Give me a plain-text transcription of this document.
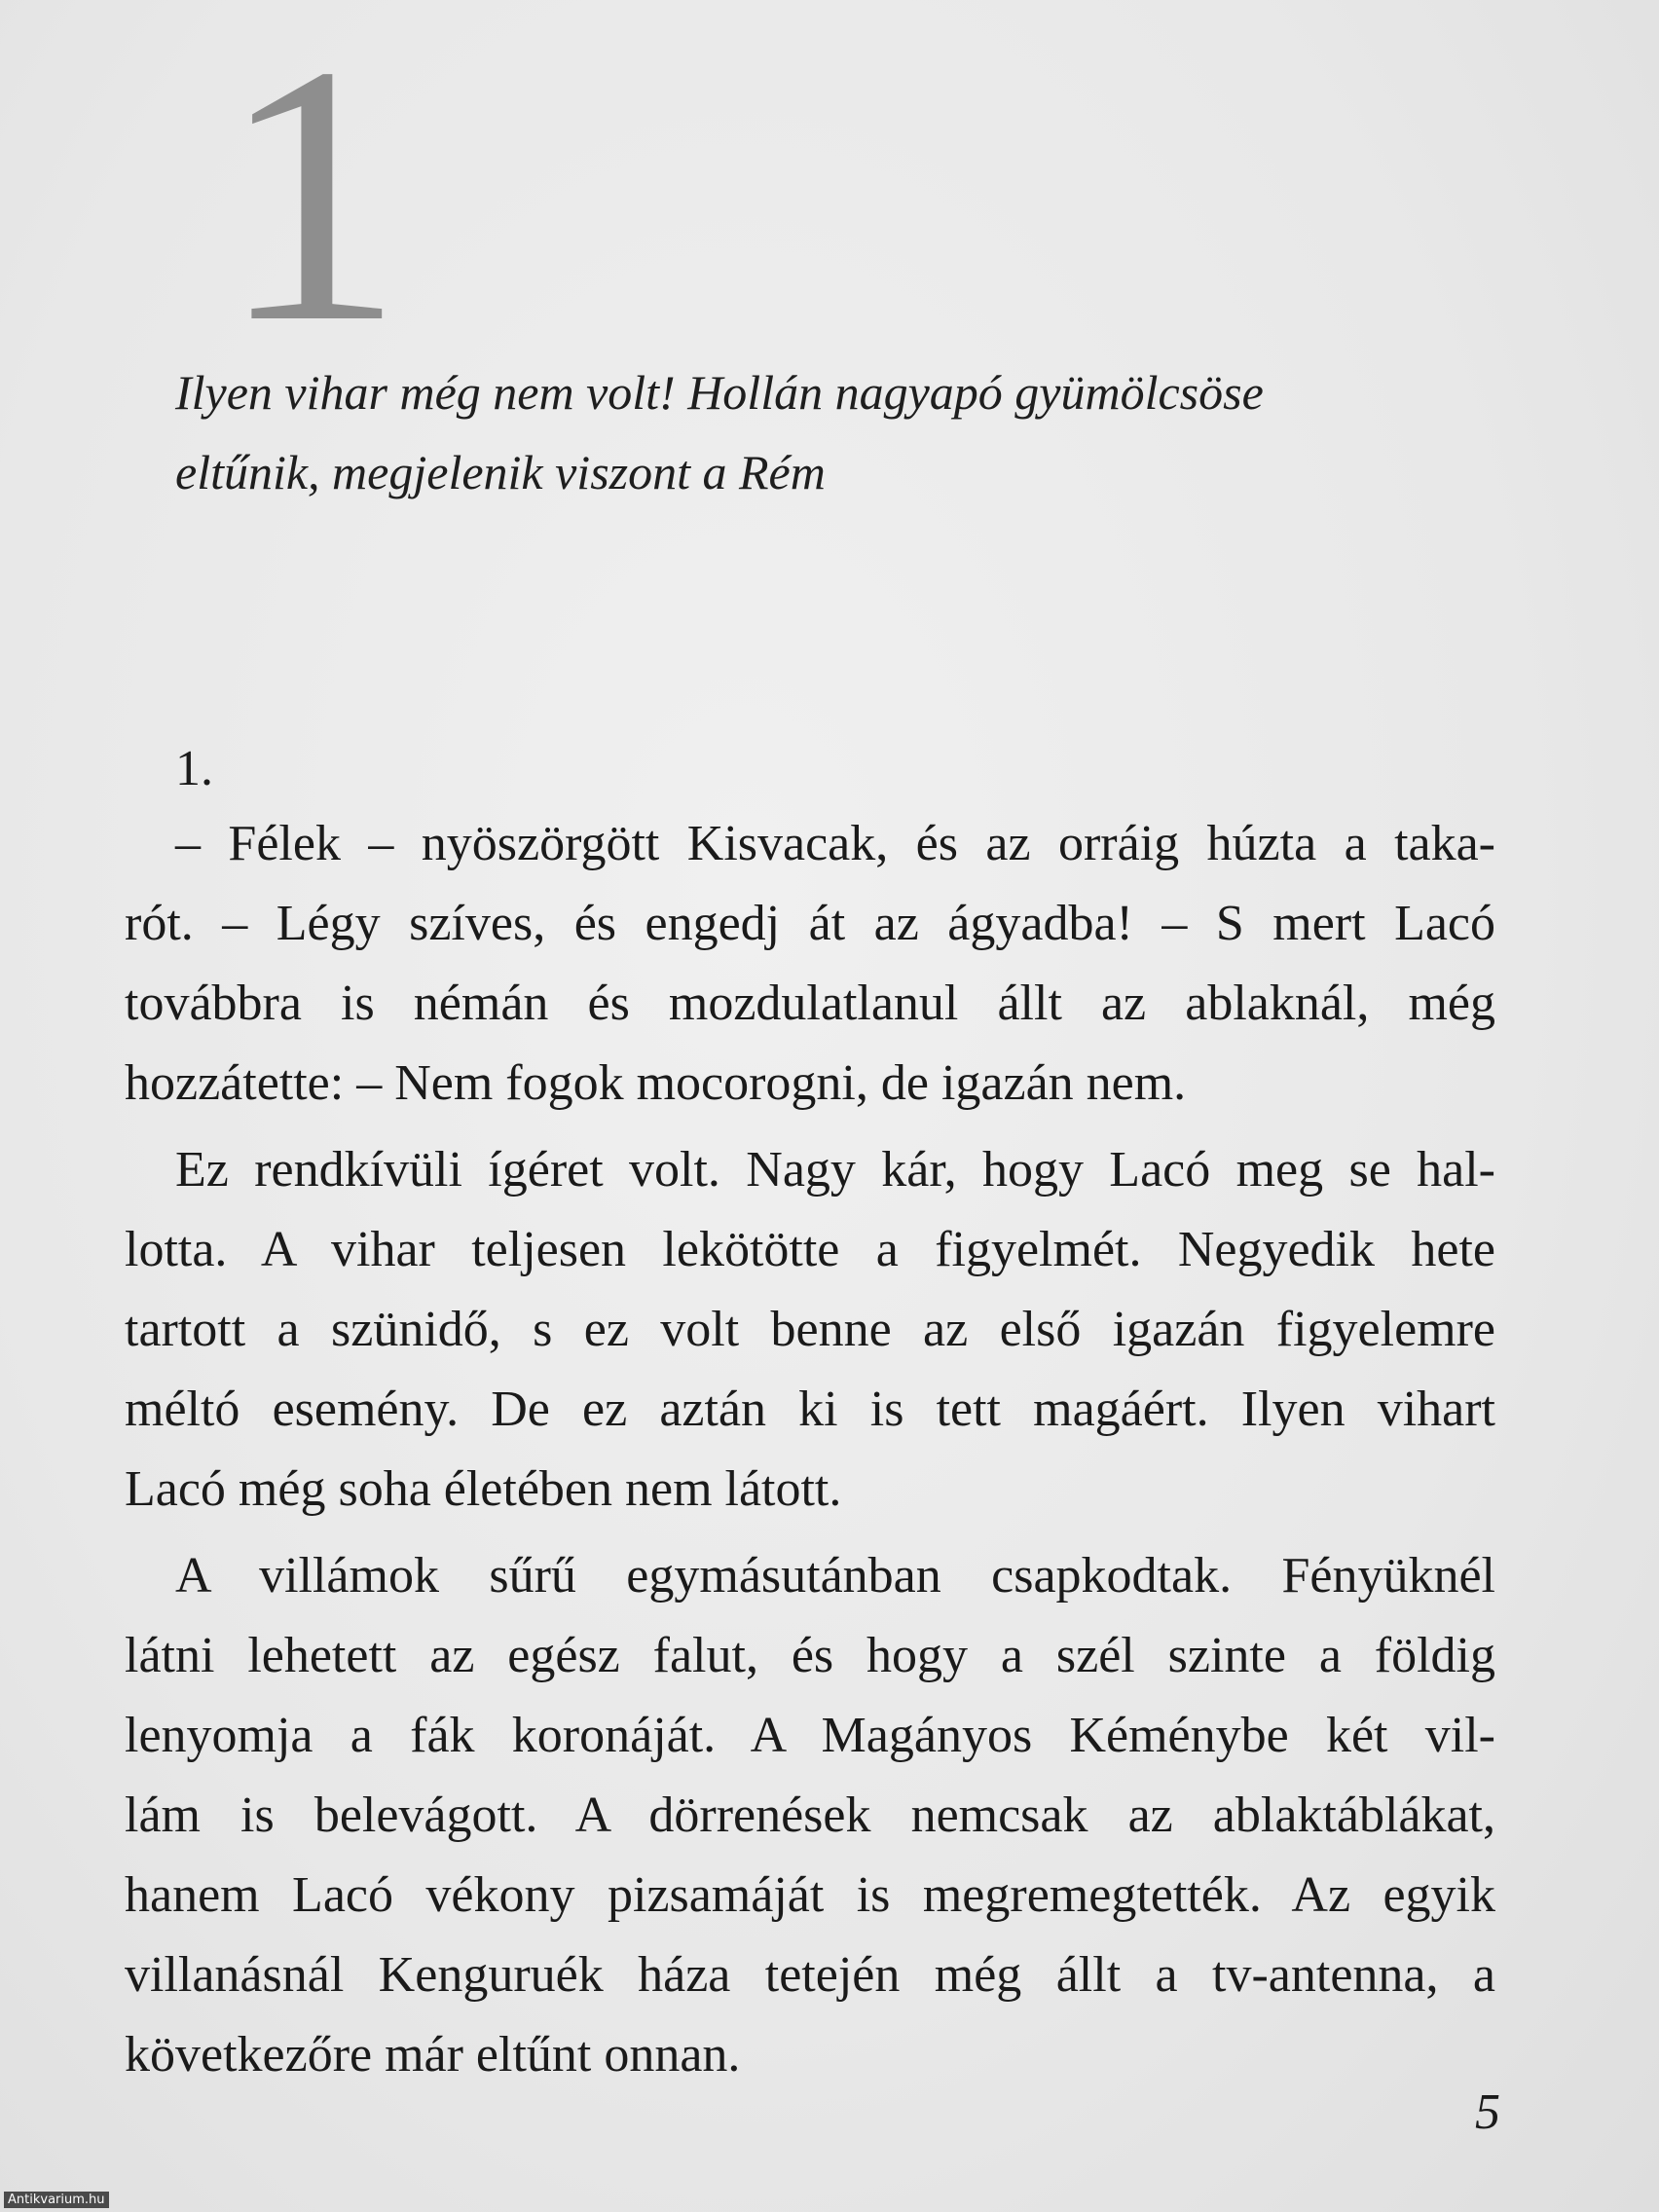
1
Ilyen vihar még nem volt! Hollán nagyapó gyümölcsöse
eltűnik, megjelenik viszont a Rém
1.

– Félek – nyöszörgött Kisvacak, és az orráig húzta a taka-
rót. – Légy szíves, és engedj át az ágyadba! – S mert Lacó
továbbra is némán és mozdulatlanul állt az ablaknál, még
hozzátette: – Nem fogok mocorogni, de igazán nem.

Ez rendkívüli ígéret volt. Nagy kár, hogy Lacó meg se hal-
lotta. A vihar teljesen lekötötte a figyelmét. Negyedik hete
tartott a szünidő, s ez volt benne az első igazán figyelemre
méltó esemény. De ez aztán ki is tett magáért. Ilyen vihart
Lacó még soha életében nem látott.

A villámok sűrű egymásutánban csapkodtak. Fényüknél
látni lehetett az egész falut, és hogy a szél szinte a földig
lenyomja a fák koronáját. A Magányos Kéménybe két vil-
lám is belevágott. A dörrenések nemcsak az ablaktáblákat,
hanem Lacó vékony pizsamáját is megremegtették. Az egyik
villanásnál Kenguruék háza tetején még állt a tv-antenna, a
következőre már eltűnt onnan.

5
Antikvarium.hu
